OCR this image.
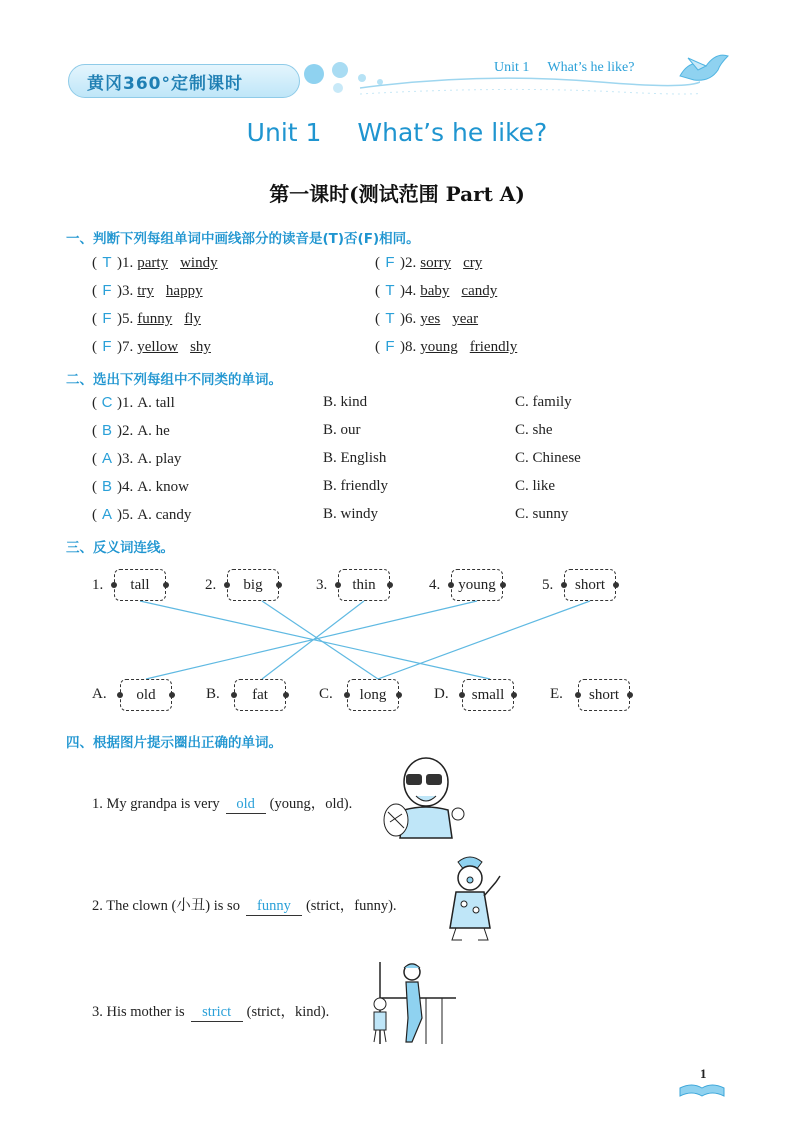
黄冈360°定制课时
Unit 1 What’s he like?
Unit 1 What’s he like?
第一课时(测试范围 Part A)
一、判断下列每组单词中画线部分的读音是(T)否(F)相同。
( T )1. party windy	( F )2. sorry cry
( F )3. try happy	( T )4. baby candy
( F )5. funny fly	( T )6. yes year
( F )7. yellow shy	( F )8. young friendly
二、选出下列每组中不同类的单词。
( C )1. A. tall	B. kind	C. family
( B )2. A. he	B. our	C. she
( A )3. A. play	B. English	C. Chinese
( B )4. A. know	B. friendly	C. like
( A )5. A. candy	B. windy	C. sunny
三、反义词连线。
1.	tall	2.	big	3.	thin	4.	young	5.	short
A.	old	B.	fat	C.	long	D.	small	E.	short
四、根据图片提示圈出正确的单词。
1. My grandpa is very old (young，old).
2. The clown (小丑) is so funny (strict，funny).
3. His mother is strict (strict，kind).
1
